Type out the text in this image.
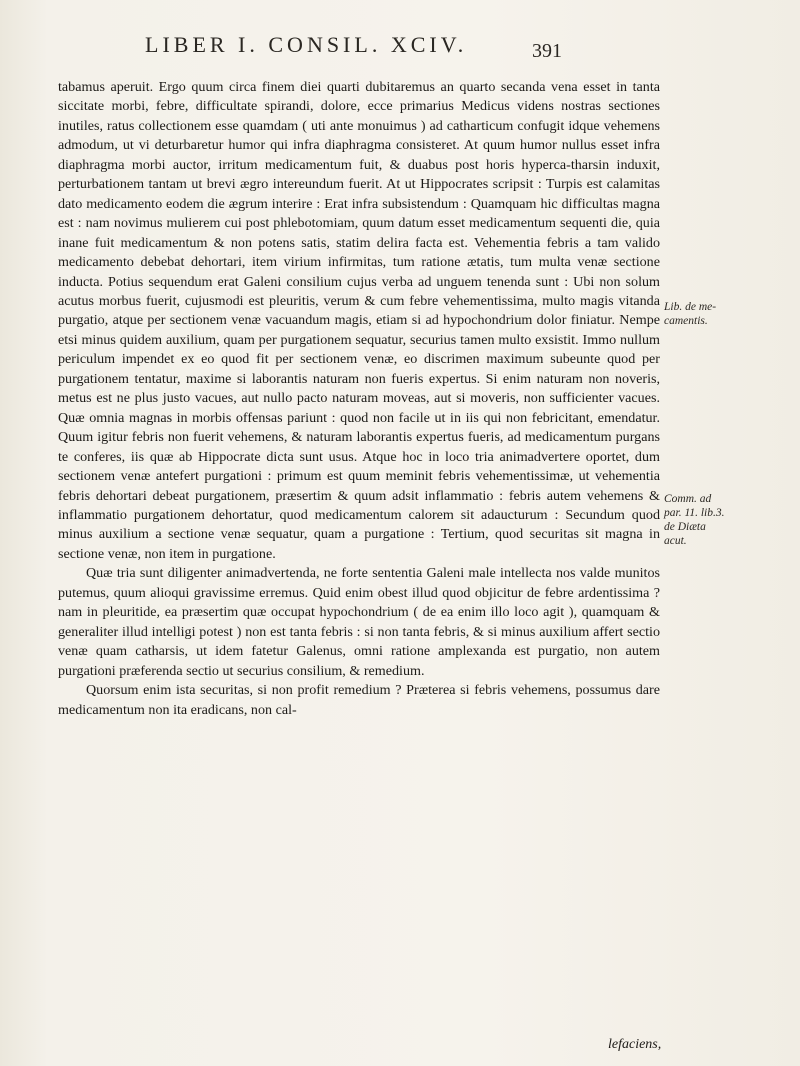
LIBER I. CONSIL. XCIV.	391

tabamus aperuit. Ergo quum circa finem diei quarti dubitaremus an quarto secanda vena esset in tanta siccitate morbi, febre, difficultate spirandi, dolore, ecce primarius Medicus videns nostras sectiones inutiles, ratus collectionem esse quamdam ( uti ante monuimus ) ad catharticum confugit idque vehemens admodum, ut vi deturbaretur humor qui infra diaphragma consisteret. At quum humor nullus esset infra diaphragma morbi auctor, irritum medicamentum fuit, & duabus post horis hyperca-tharsin induxit, perturbationem tantam ut brevi ægro intereundum fuerit. At ut Hippocrates scripsit : Turpis est calamitas dato medicamento eodem die ægrum interire : Erat infra subsistendum : Quamquam hic difficultas magna est : nam novimus mulierem cui post phlebotomiam, quum datum esset medicamentum sequenti die, quia inane fuit medicamentum & non potens satis, statim delira facta est. Vehementia febris a tam valido medicamento debebat dehortari, item virium infirmitas, tum ratione ætatis, tum multa venæ sectione inducta. Potius sequendum erat Galeni consilium cujus verba ad unguem tenenda sunt : Ubi non solum acutus morbus fuerit, cujusmodi est pleuritis, verum & cum febre vehementissima, multo magis vitanda purgatio, atque per sectionem venæ vacuandum magis, etiam si ad hypochondrium dolor finiatur. Nempe etsi minus quidem auxilium, quam per purgationem sequatur, securius tamen multo exsistit. Immo nullum periculum impendet ex eo quod fit per sectionem venæ, eo discrimen maximum subeunte quod per purgationem tentatur, maxime si laborantis naturam non fueris expertus. Si enim naturam non noveris, metus est ne plus justo vacues, aut nullo pacto naturam moveas, aut si moveris, non sufficienter vacues. Quæ omnia magnas in morbis offensas pariunt : quod non facile ut in iis qui non febricitant, emendatur. Quum igitur febris non fuerit vehemens, & naturam laborantis expertus fueris, ad medicamentum purgans te conferes, iis quæ ab Hippocrate dicta sunt usus. Atque hoc in loco tria animadvertere oportet, dum sectionem venæ antefert purgationi : primum est quum meminit febris vehementissimæ, ut vehementia febris dehortari debeat purgationem, præsertim & quum adsit inflammatio : febris autem vehemens & inflammatio purgationem dehortatur, quod medicamentum calorem sit adaucturum : Secundum quod minus auxilium a sectione venæ sequatur, quam a purgatione : Tertium, quod securitas sit magna in sectione venæ, non item in purgatione.

Quæ tria sunt diligenter animadvertenda, ne forte sententia Galeni male intellecta nos valde munitos putemus, quum alioqui gravissime erremus. Quid enim obest illud quod objicitur de febre ardentissima ? nam in pleuritide, ea præsertim quæ occupat hypochondrium ( de ea enim illo loco agit ), quamquam & generaliter illud intelligi potest ) non est tanta febris : si non tanta febris, & si minus auxilium affert sectio venæ quam catharsis, ut idem fatetur Galenus, omni ratione amplexanda est purgatio, non autem purgationi præferenda sectio ut securius consilium, & remedium.

Quorsum enim ista securitas, si non profit remedium ? Præterea si febris vehemens, possumus dare medicamentum non ita eradicans, non cal-

Lib. de me-
camentis.
Comm. ad
par. 11. lib.3.
de Diæta
acut.
lefaciens,
